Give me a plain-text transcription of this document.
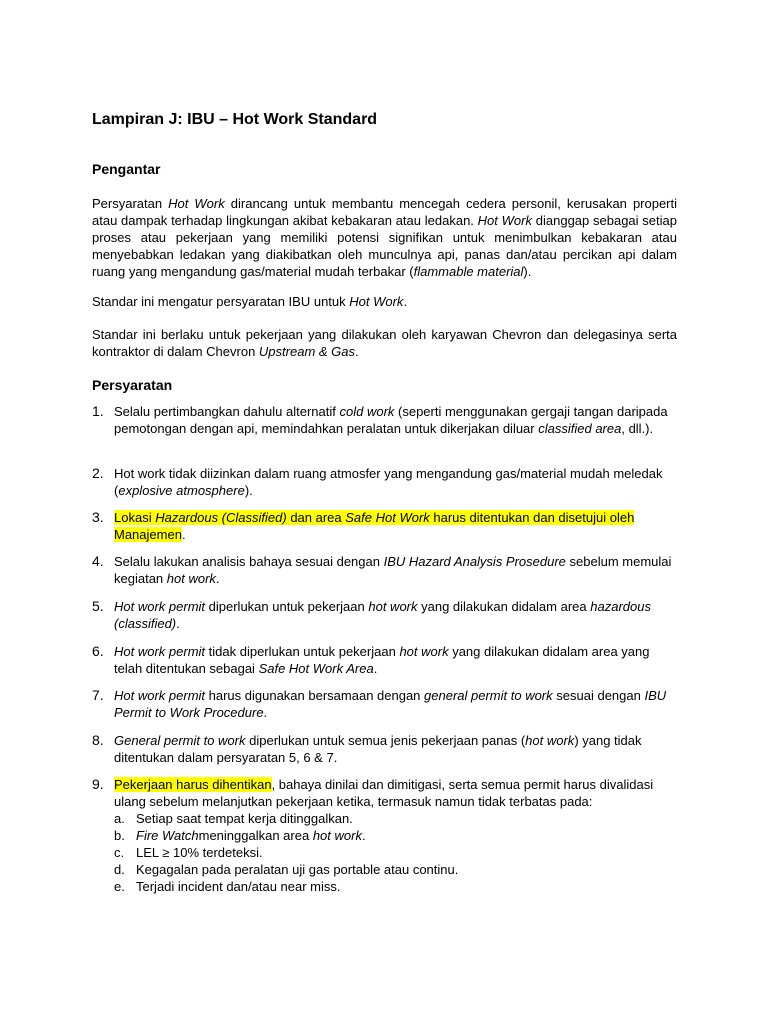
Lampiran J: IBU – Hot Work Standard
Pengantar

Persyaratan Hot Work dirancang untuk membantu mencegah cedera personil, kerusakan properti atau dampak terhadap lingkungan akibat kebakaran atau ledakan. Hot Work dianggap sebagai setiap proses atau pekerjaan yang memiliki potensi signifikan untuk menimbulkan kebakaran atau menyebabkan ledakan yang diakibatkan oleh munculnya api, panas dan/atau percikan api dalam ruang yang mengandung gas/material mudah terbakar (flammable material).

Standar ini mengatur persyaratan IBU untuk Hot Work.

Standar ini berlaku untuk pekerjaan yang dilakukan oleh karyawan Chevron dan delegasinya serta kontraktor di dalam Chevron Upstream & Gas.

Persyaratan
1. Selalu pertimbangkan dahulu alternatif cold work (seperti menggunakan gergaji tangan daripada pemotongan dengan api, memindahkan peralatan untuk dikerjakan diluar classified area, dll.).
2. Hot work tidak diizinkan dalam ruang atmosfer yang mengandung gas/material mudah meledak (explosive atmosphere).
3. Lokasi Hazardous (Classified) dan area Safe Hot Work harus ditentukan dan disetujui oleh Manajemen.
4. Selalu lakukan analisis bahaya sesuai dengan IBU Hazard Analysis Prosedure sebelum memulai kegiatan hot work.
5. Hot work permit diperlukan untuk pekerjaan hot work yang dilakukan didalam area hazardous (classified).
6. Hot work permit tidak diperlukan untuk pekerjaan hot work yang dilakukan didalam area yang telah ditentukan sebagai Safe Hot Work Area.
7. Hot work permit harus digunakan bersamaan dengan general permit to work sesuai dengan IBU Permit to Work Procedure.
8. General permit to work diperlukan untuk semua jenis pekerjaan panas (hot work) yang tidak ditentukan dalam persyaratan 5, 6 & 7.
9. Pekerjaan harus dihentikan, bahaya dinilai dan dimitigasi, serta semua permit harus divalidasi ulang sebelum melanjutkan pekerjaan ketika, termasuk namun tidak terbatas pada:
a. Setiap saat tempat kerja ditinggalkan.
b. Fire Watchmeninggalkan area hot work.
c. LEL ≥ 10% terdeteksi.
d. Kegagalan pada peralatan uji gas portable atau continu.
e. Terjadi incident dan/atau near miss.
